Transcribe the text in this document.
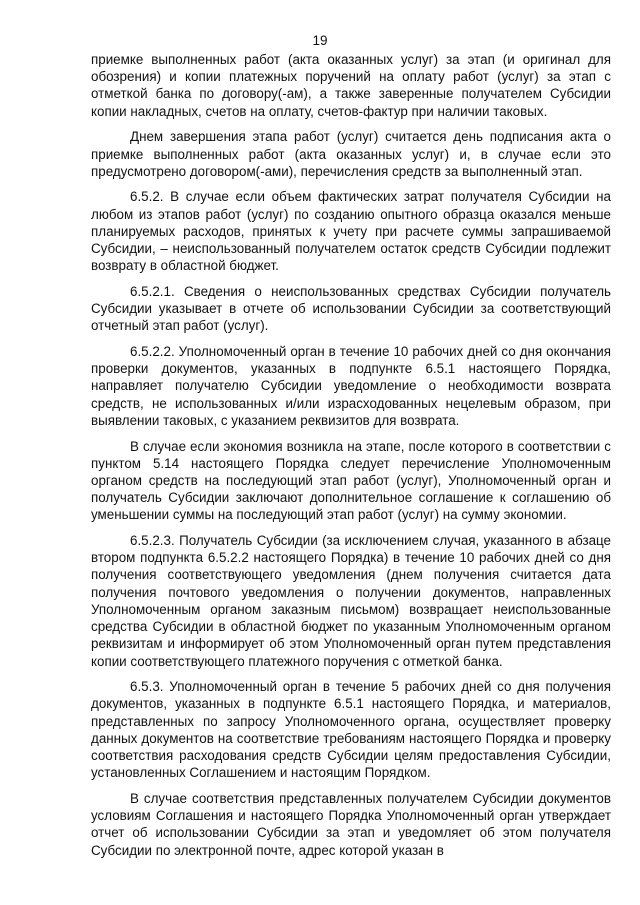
19

приемке выполненных работ (акта оказанных услуг) за этап (и оригинал для обозрения) и копии платежных поручений на оплату работ (услуг) за этап с отметкой банка по договору(-ам), а также заверенные получателем Субсидии копии накладных, счетов на оплату, счетов-фактур при наличии таковых.

Днем завершения этапа работ (услуг) считается день подписания акта о приемке выполненных работ (акта оказанных услуг) и, в случае если это предусмотрено договором(-ами), перечисления средств за выполненный этап.

6.5.2. В случае если объем фактических затрат получателя Субсидии на любом из этапов работ (услуг) по созданию опытного образца оказался меньше планируемых расходов, принятых к учету при расчете суммы запрашиваемой Субсидии, – неиспользованный получателем остаток средств Субсидии подлежит возврату в областной бюджет.

6.5.2.1. Сведения о неиспользованных средствах Субсидии получатель Субсидии указывает в отчете об использовании Субсидии за соответствующий отчетный этап работ (услуг).

6.5.2.2. Уполномоченный орган в течение 10 рабочих дней со дня окончания проверки документов, указанных в подпункте 6.5.1 настоящего Порядка, направляет получателю Субсидии уведомление о необходимости возврата средств, не использованных и/или израсходованных нецелевым образом, при выявлении таковых, с указанием реквизитов для возврата.

В случае если экономия возникла на этапе, после которого в соответствии с пунктом 5.14 настоящего Порядка следует перечисление Уполномоченным органом средств на последующий этап работ (услуг), Уполномоченный орган и получатель Субсидии заключают дополнительное соглашение к соглашению об уменьшении суммы на последующий этап работ (услуг) на сумму экономии.

6.5.2.3. Получатель Субсидии (за исключением случая, указанного в абзаце втором подпункта 6.5.2.2 настоящего Порядка) в течение 10 рабочих дней со дня получения соответствующего уведомления (днем получения считается дата получения почтового уведомления о получении документов, направленных Уполномоченным органом заказным письмом) возвращает неиспользованные средства Субсидии в областной бюджет по указанным Уполномоченным органом реквизитам и информирует об этом Уполномоченный орган путем представления копии соответствующего платежного поручения с отметкой банка.

6.5.3. Уполномоченный орган в течение 5 рабочих дней со дня получения документов, указанных в подпункте 6.5.1 настоящего Порядка, и материалов, представленных по запросу Уполномоченного органа, осуществляет проверку данных документов на соответствие требованиям настоящего Порядка и проверку соответствия расходования средств Субсидии целям предоставления Субсидии, установленных Соглашением и настоящим Порядком.

В случае соответствия представленных получателем Субсидии документов условиям Соглашения и настоящего Порядка Уполномоченный орган утверждает отчет об использовании Субсидии за этап и уведомляет об этом получателя Субсидии по электронной почте, адрес которой указан в
